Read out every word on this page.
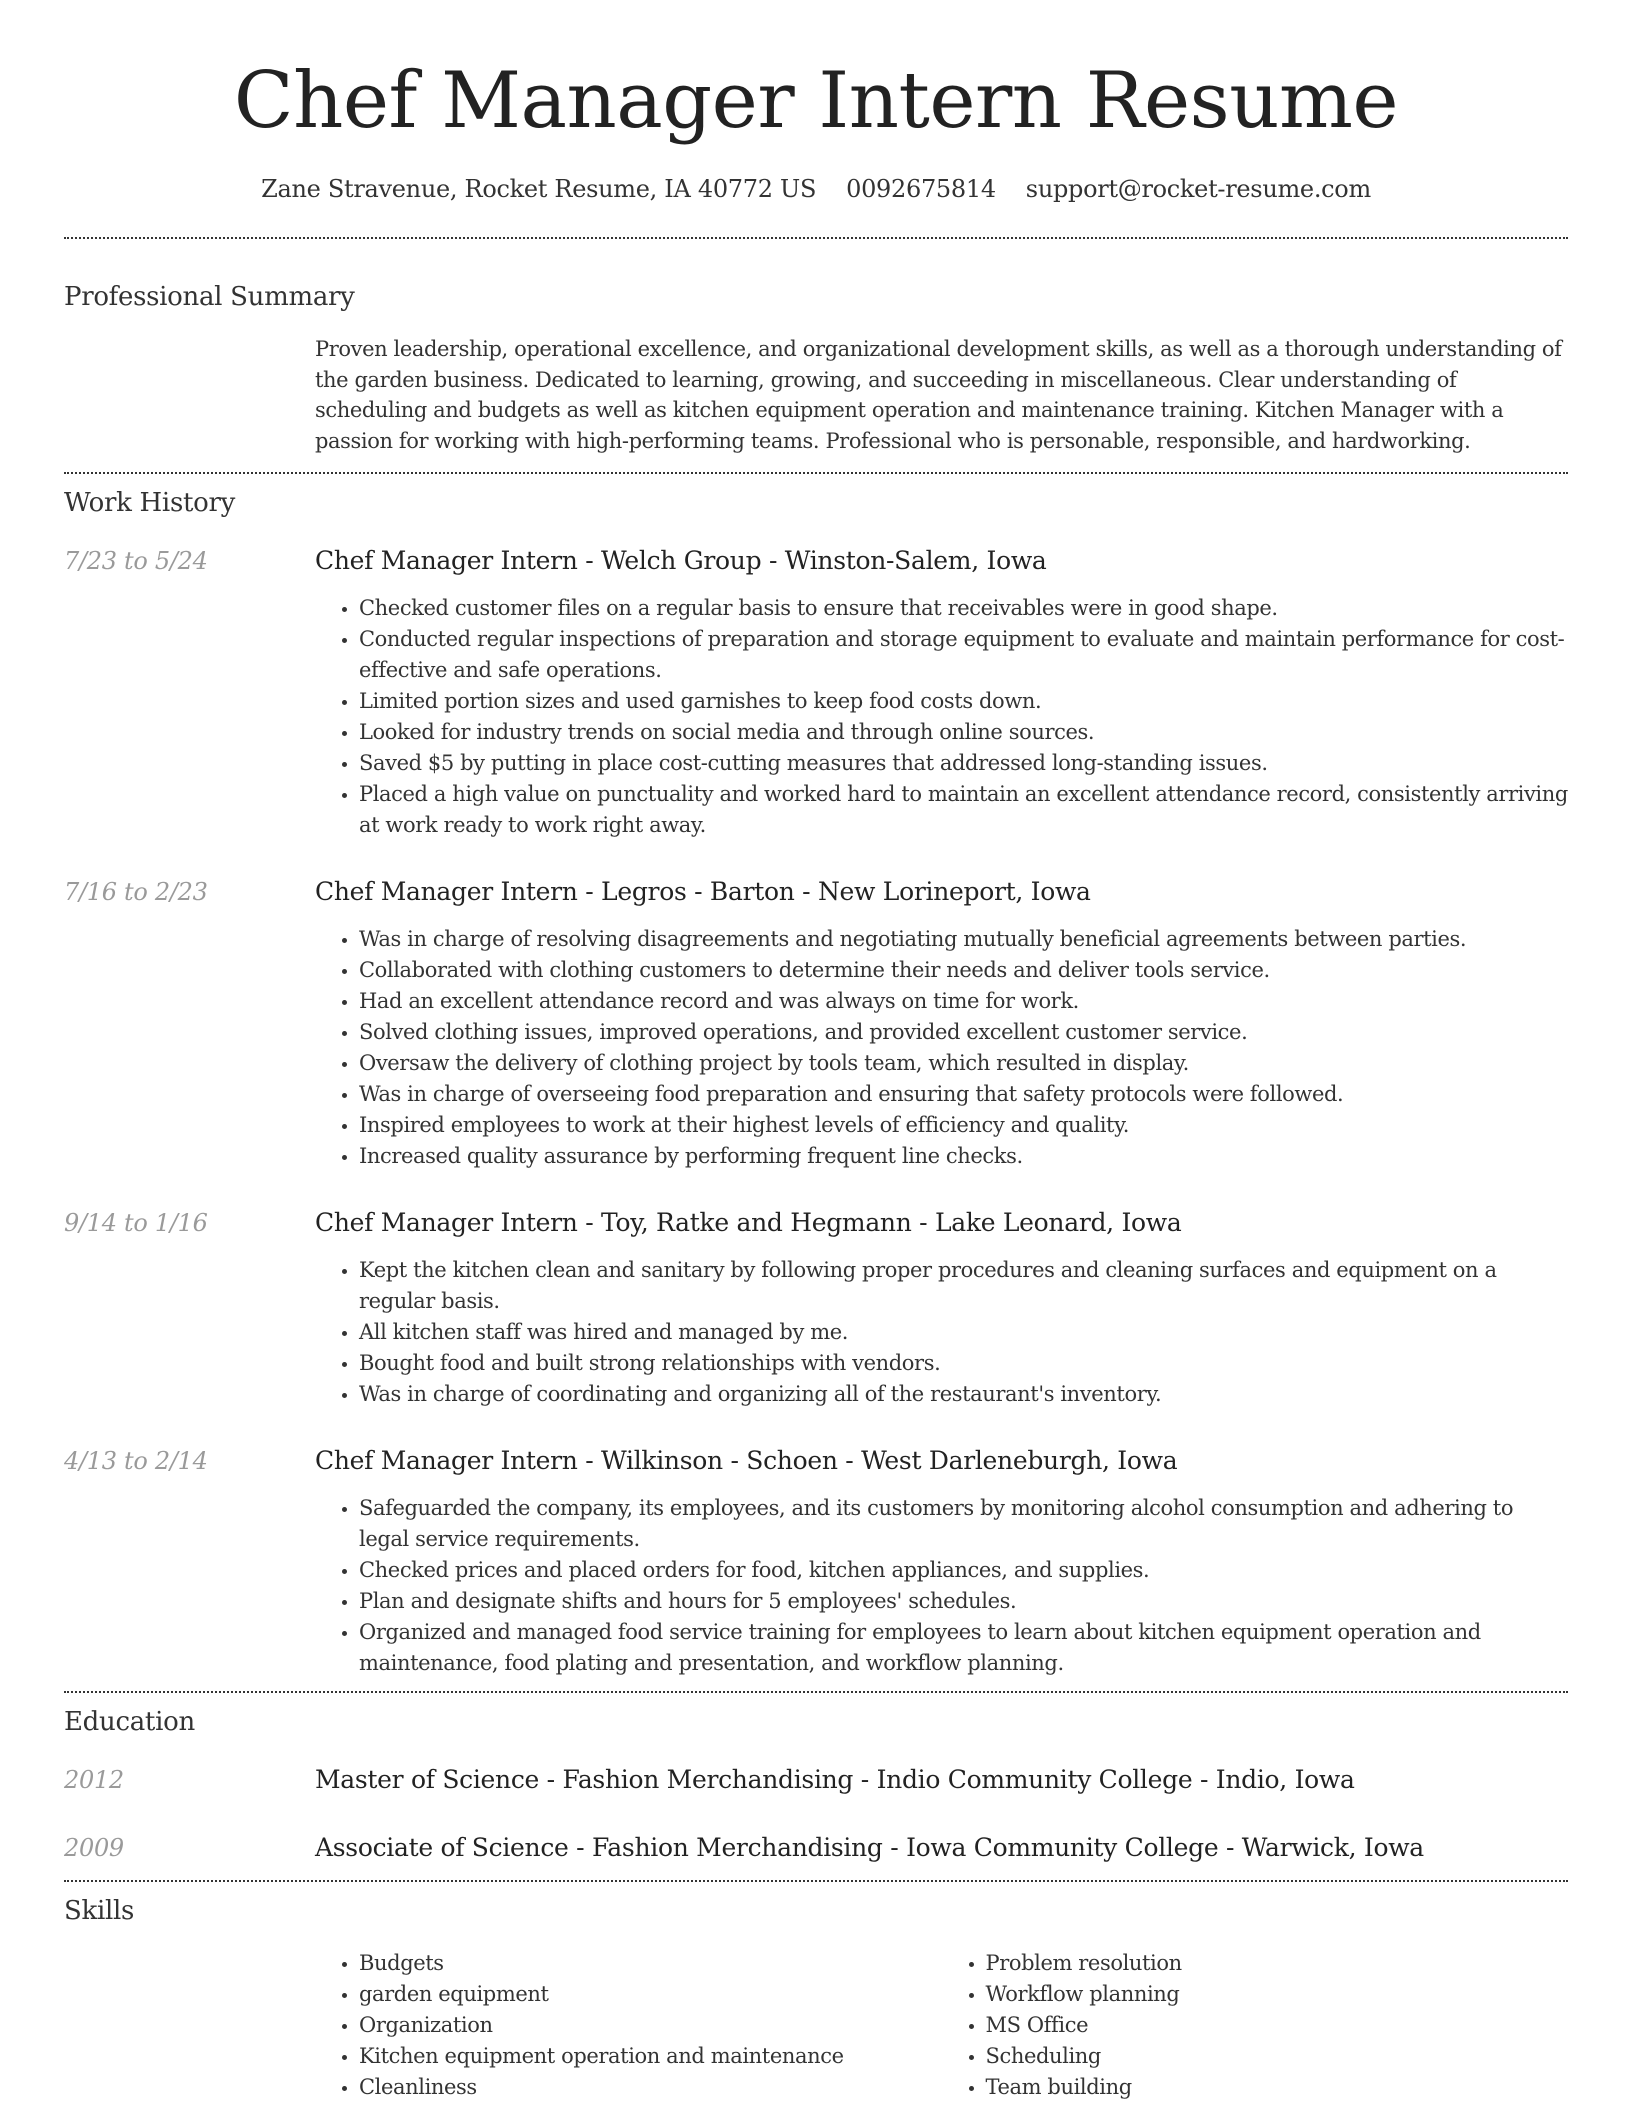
Chef Manager Intern Resume
Zane Stravenue, Rocket Resume, IA 40772 US 0092675814 support@rocket-resume.com
Professional Summary

Proven leadership, operational excellence, and organizational development skills, as well as a thorough understanding of the garden business. Dedicated to learning, growing, and succeeding in miscellaneous. Clear understanding of scheduling and budgets as well as kitchen equipment operation and maintenance training. Kitchen Manager with a passion for working with high-performing teams. Professional who is personable, responsible, and hardworking.

Work History
7/23 to 5/24	Chef Manager Intern - Welch Group - Winston-Salem, Iowa
• Checked customer files on a regular basis to ensure that receivables were in good shape.
• Conducted regular inspections of preparation and storage equipment to evaluate and maintain performance for cost-effective and safe operations.
• Limited portion sizes and used garnishes to keep food costs down.
• Looked for industry trends on social media and through online sources.
• Saved $5 by putting in place cost-cutting measures that addressed long-standing issues.
• Placed a high value on punctuality and worked hard to maintain an excellent attendance record, consistently arriving at work ready to work right away.
7/16 to 2/23	Chef Manager Intern - Legros - Barton - New Lorineport, Iowa
• Was in charge of resolving disagreements and negotiating mutually beneficial agreements between parties.
• Collaborated with clothing customers to determine their needs and deliver tools service.
• Had an excellent attendance record and was always on time for work.
• Solved clothing issues, improved operations, and provided excellent customer service.
• Oversaw the delivery of clothing project by tools team, which resulted in display.
• Was in charge of overseeing food preparation and ensuring that safety protocols were followed.
• Inspired employees to work at their highest levels of efficiency and quality.
• Increased quality assurance by performing frequent line checks.
9/14 to 1/16	Chef Manager Intern - Toy, Ratke and Hegmann - Lake Leonard, Iowa
• Kept the kitchen clean and sanitary by following proper procedures and cleaning surfaces and equipment on a regular basis.
• All kitchen staff was hired and managed by me.
• Bought food and built strong relationships with vendors.
• Was in charge of coordinating and organizing all of the restaurant's inventory.
4/13 to 2/14	Chef Manager Intern - Wilkinson - Schoen - West Darleneburgh, Iowa
• Safeguarded the company, its employees, and its customers by monitoring alcohol consumption and adhering to legal service requirements.
• Checked prices and placed orders for food, kitchen appliances, and supplies.
• Plan and designate shifts and hours for 5 employees' schedules.
• Organized and managed food service training for employees to learn about kitchen equipment operation and maintenance, food plating and presentation, and workflow planning.
Education
2012	Master of Science - Fashion Merchandising - Indio Community College - Indio, Iowa
2009	Associate of Science - Fashion Merchandising - Iowa Community College - Warwick, Iowa
Skills
• Budgets
• garden equipment
• Organization
• Kitchen equipment operation and maintenance
• Cleanliness
• Problem resolution
• Workflow planning
• MS Office
• Scheduling
• Team building
